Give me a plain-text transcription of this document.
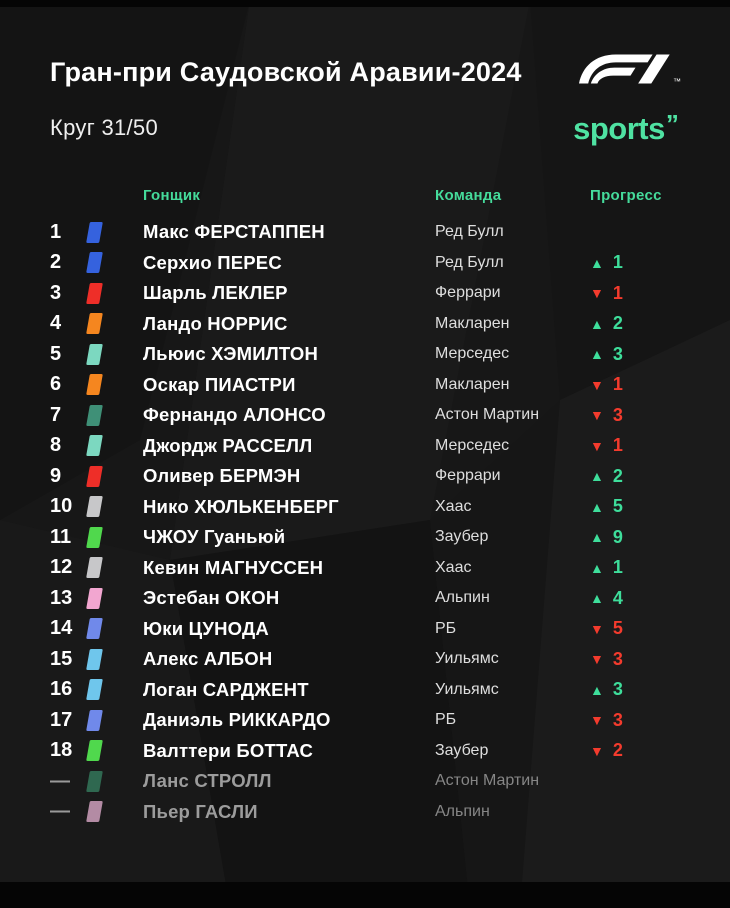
Гран-при Саудовской Аравии-2024
Круг 31/50
™
sports”
Гонщик	Команда	Прогресс
1	Макс ФЕРСТАППЕН	Ред Булл
2	Серхио ПЕРЕС	Ред Булл	▲ 1
3	Шарль ЛЕКЛЕР	Феррари	▼ 1
4	Ландо НОРРИС	Макларен	▲ 2
5	Льюис ХЭМИЛТОН	Мерседес	▲ 3
6	Оскар ПИАСТРИ	Макларен	▼ 1
7	Фернандо АЛОНСО	Астон Мартин	▼ 3
8	Джордж РАССЕЛЛ	Мерседес	▼ 1
9	Оливер БЕРМЭН	Феррари	▲ 2
10	Нико ХЮЛЬКЕНБЕРГ	Хаас	▲ 5
11	ЧЖОУ Гуаньюй	Заубер	▲ 9
12	Кевин МАГНУССЕН	Хаас	▲ 1
13	Эстебан ОКОН	Альпин	▲ 4
14	Юки ЦУНОДА	РБ	▼ 5
15	Алекс АЛБОН	Уильямс	▼ 3
16	Логан САРДЖЕНТ	Уильямс	▲ 3
17	Даниэль РИККАРДО	РБ	▼ 3
18	Валттери БОТТАС	Заубер	▼ 2
—	Ланс СТРОЛЛ	Астон Мартин
—	Пьер ГАСЛИ	Альпин
